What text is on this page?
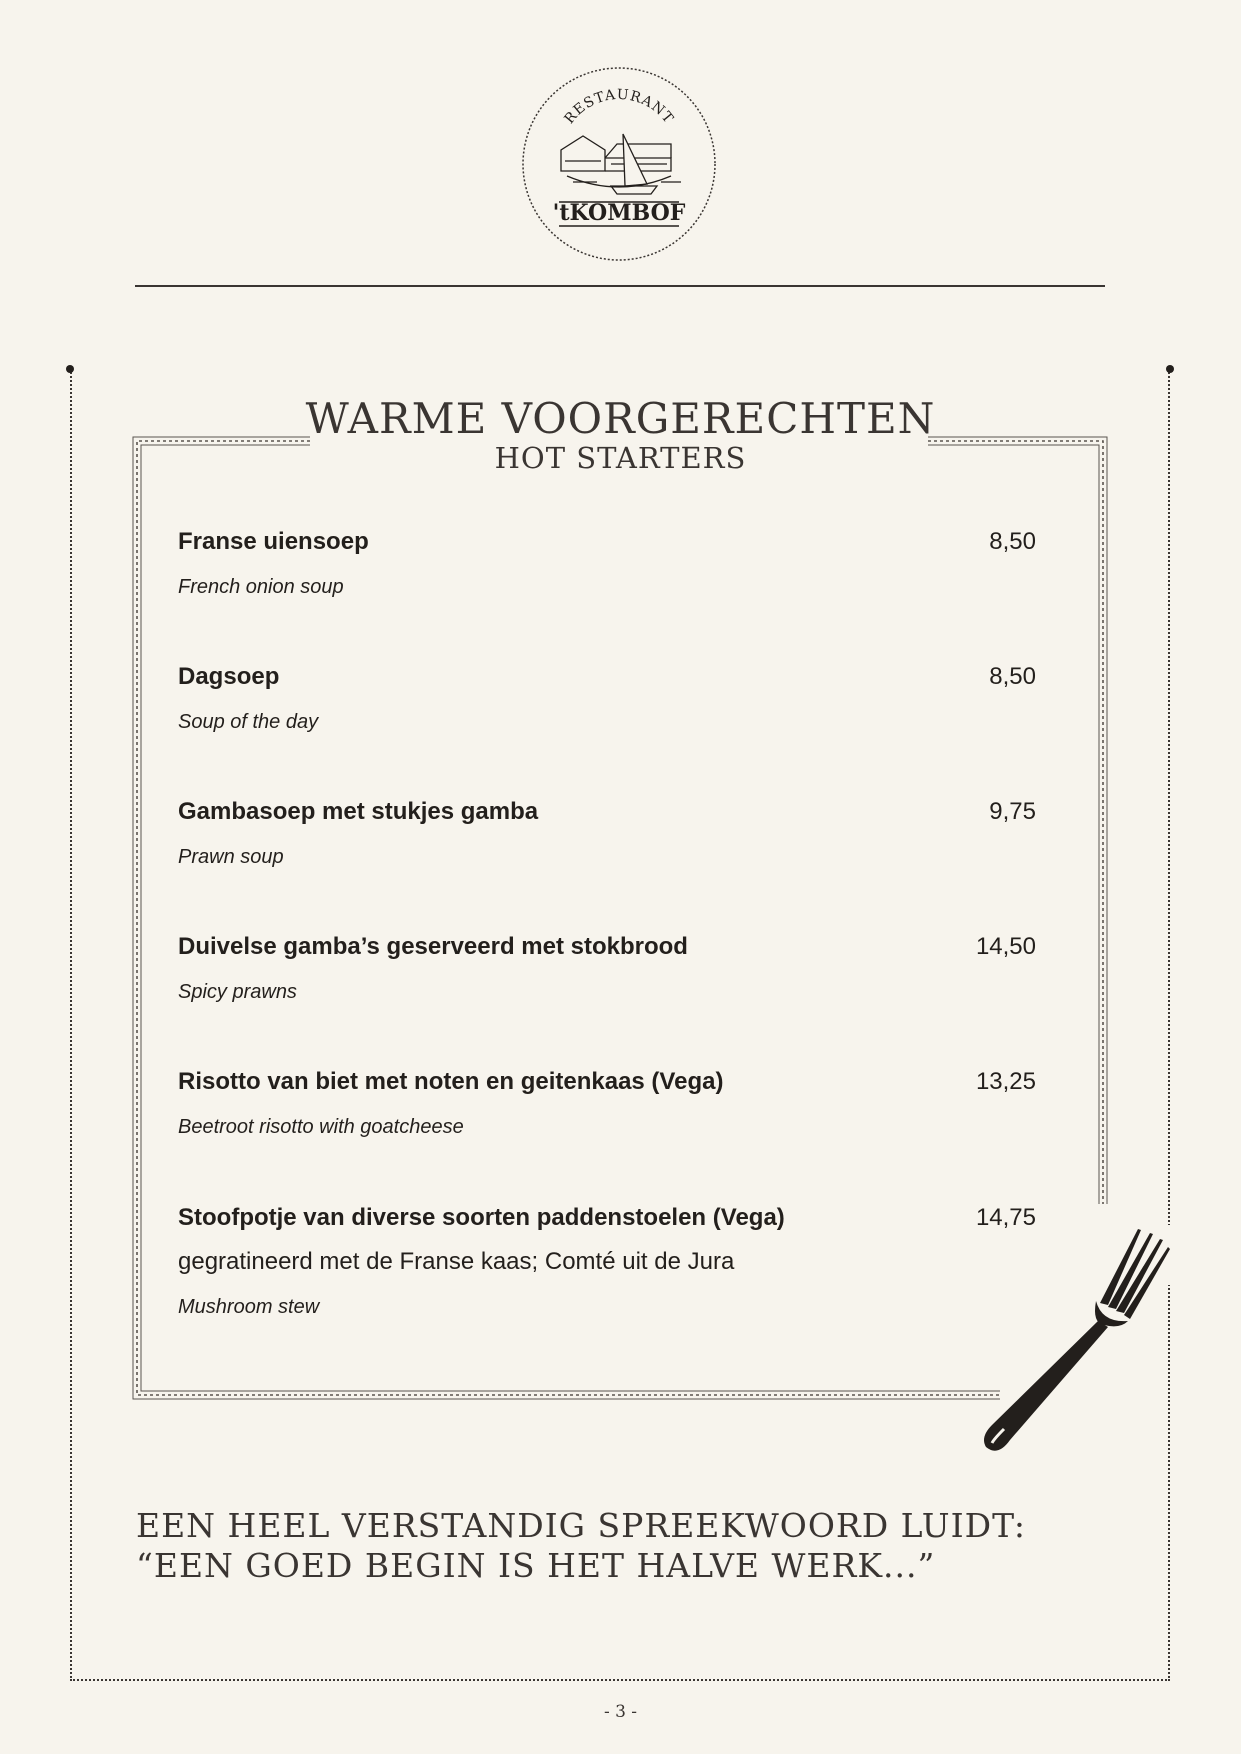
RESTAURANT
'tKOMBOF
WARME VOORGERECHTEN
HOT STARTERS
Franse uiensoep	8,50
French onion soup
Dagsoep	8,50
Soup of the day
Gambasoep met stukjes gamba	9,75
Prawn soup
Duivelse gamba’s geserveerd met stokbrood	14,50
Spicy prawns
Risotto van biet met noten en geitenkaas (Vega)	13,25
Beetroot risotto with goatcheese
Stoofpotje van diverse soorten paddenstoelen (Vega)	14,75
gegratineerd met de Franse kaas; Comté uit de Jura
Mushroom stew
EEN HEEL VERSTANDIG SPREEKWOORD LUIDT:
“EEN GOED BEGIN IS HET HALVE WERK...”
- 3 -
